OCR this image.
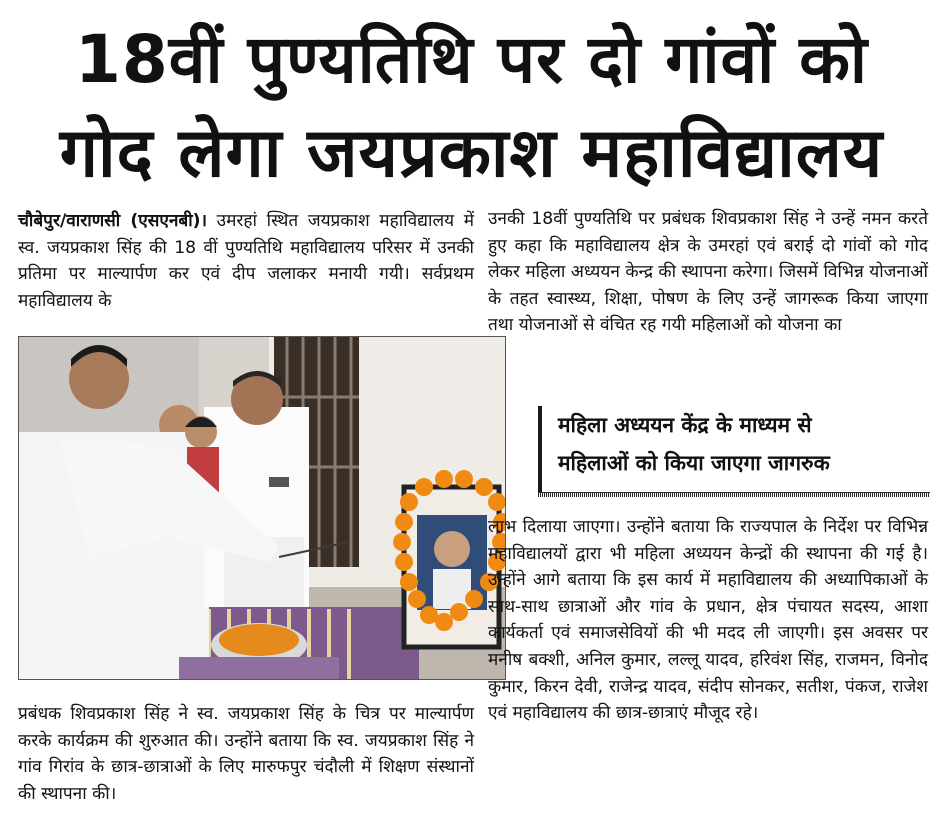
18वीं पुण्यतिथि पर दो गांवों को
गोद लेगा जयप्रकाश महाविद्यालय

चौबेपुर/वाराणसी (एसएनबी)। उमरहां स्थित जयप्रकाश महाविद्यालय में स्व. जयप्रकाश सिंह की 18 वीं पुण्यतिथि महाविद्यालय परिसर में उनकी प्रतिमा पर माल्यार्पण कर एवं दीप जलाकर मनायी गयी। सर्वप्रथम महाविद्यालय के

प्रबंधक शिवप्रकाश सिंह ने स्व. जयप्रकाश सिंह के चित्र पर माल्यार्पण करके कार्यक्रम की शुरुआत की। उन्होंने बताया कि स्व. जयप्रकाश सिंह ने गांव गिरांव के छात्र-छात्राओं के लिए मारुफपुर चंदौली में शिक्षण संस्थानों की स्थापना की।

उनकी 18वीं पुण्यतिथि पर प्रबंधक शिवप्रकाश सिंह ने उन्हें नमन करते हुए कहा कि महाविद्यालय क्षेत्र के उमरहां एवं बराई दो गांवों को गोद लेकर महिला अध्ययन केन्द्र की स्थापना करेगा। जिसमें विभिन्न योजनाओं के तहत स्वास्थ्य, शिक्षा, पोषण के लिए उन्हें जागरूक किया जाएगा तथा योजनाओं से वंचित रह गयी महिलाओं को योजना का

महिला अध्ययन केंद्र के माध्यम से
महिलाओं को किया जाएगा जागरुक

लाभ दिलाया जाएगा। उन्होंने बताया कि राज्यपाल के निर्देश पर विभिन्न महाविद्यालयों द्वारा भी महिला अध्ययन केन्द्रों की स्थापना की गई है। उन्होंने आगे बताया कि इस कार्य में महाविद्यालय की अध्यापिकाओं के साथ-साथ छात्राओं और गांव के प्रधान, क्षेत्र पंचायत सदस्य, आशा कार्यकर्ता एवं समाजसेवियों की भी मदद ली जाएगी। इस अवसर पर मनीष बक्शी, अनिल कुमार, लल्लू यादव, हरिवंश सिंह, राजमन, विनोद कुमार, किरन देवी, राजेन्द्र यादव, संदीप सोनकर, सतीश, पंकज, राजेश एवं महाविद्यालय की छात्र-छात्राएं मौजूद रहे।
